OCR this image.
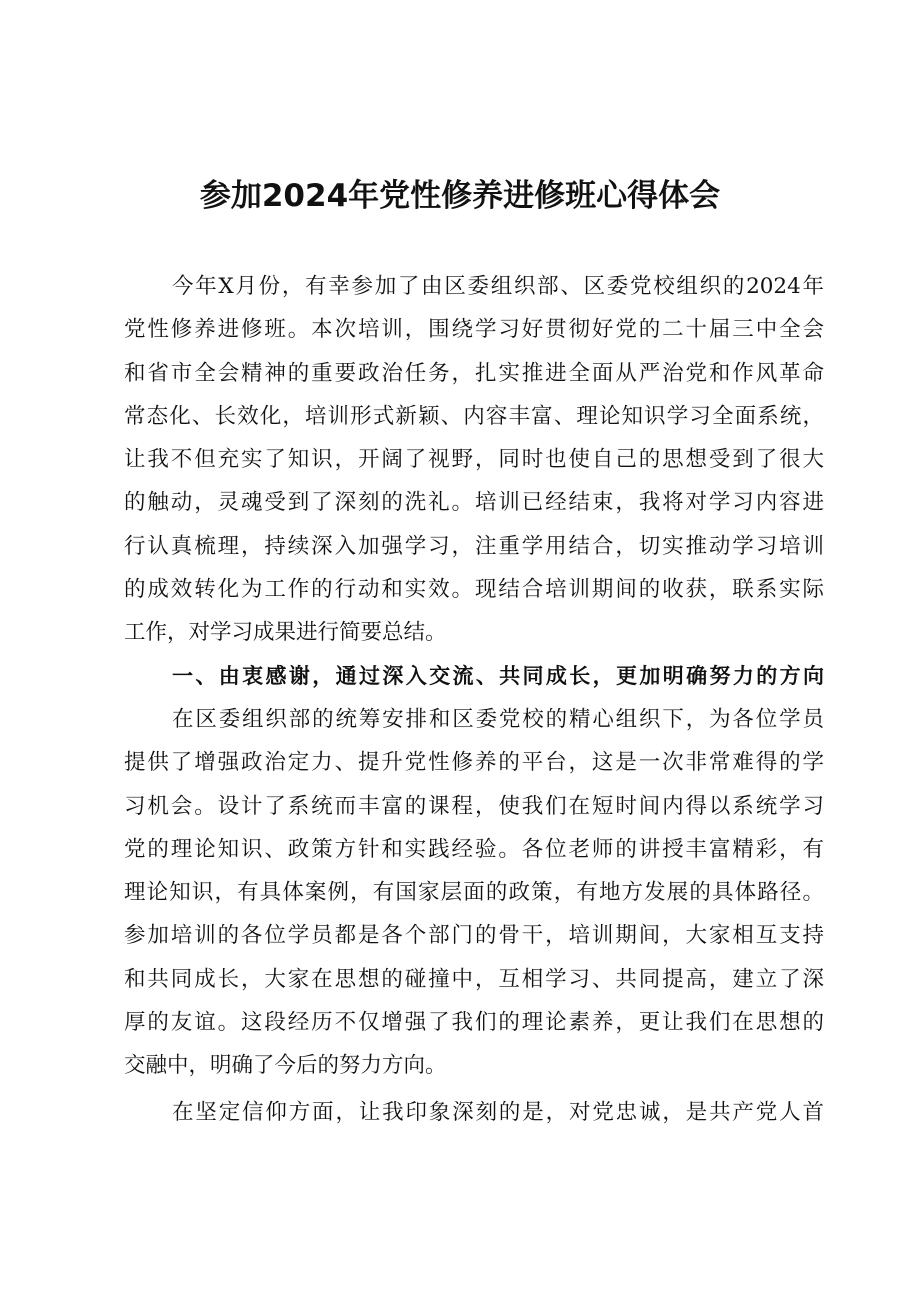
参加2024年党性修养进修班心得体会
今年X月份，有幸参加了由区委组织部、区委党校组织的2024年
党性修养进修班。本次培训，围绕学习好贯彻好党的二十届三中全会
和省市全会精神的重要政治任务，扎实推进全面从严治党和作风革命
常态化、长效化，培训形式新颖、内容丰富、理论知识学习全面系统，
让我不但充实了知识，开阔了视野，同时也使自己的思想受到了很大
的触动，灵魂受到了深刻的洗礼。培训已经结束，我将对学习内容进
行认真梳理，持续深入加强学习，注重学用结合，切实推动学习培训
的成效转化为工作的行动和实效。现结合培训期间的收获，联系实际
工作，对学习成果进行简要总结。
一、由衷感谢，通过深入交流、共同成长，更加明确努力的方向
在区委组织部的统筹安排和区委党校的精心组织下，为各位学员
提供了增强政治定力、提升党性修养的平台，这是一次非常难得的学
习机会。设计了系统而丰富的课程，使我们在短时间内得以系统学习
党的理论知识、政策方针和实践经验。各位老师的讲授丰富精彩，有
理论知识，有具体案例，有国家层面的政策，有地方发展的具体路径。
参加培训的各位学员都是各个部门的骨干，培训期间，大家相互支持
和共同成长，大家在思想的碰撞中，互相学习、共同提高，建立了深
厚的友谊。这段经历不仅增强了我们的理论素养，更让我们在思想的
交融中，明确了今后的努力方向。
在坚定信仰方面，让我印象深刻的是，对党忠诚，是共产党人首
